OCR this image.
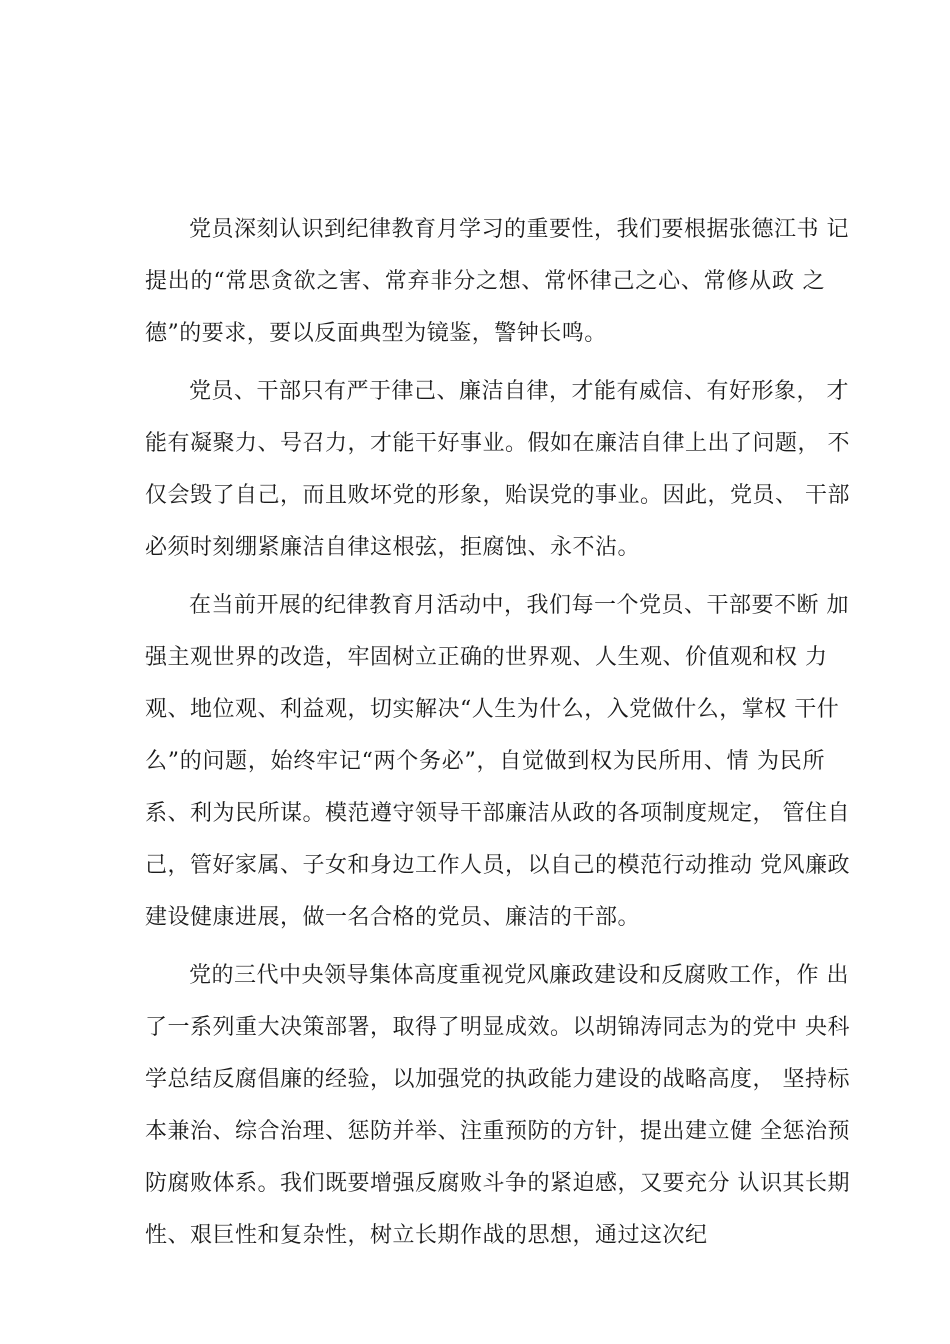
党员深刻认识到纪律教育月学习的重要性，我们要根据张德江书 记
提出的“常思贪欲之害、常弃非分之想、常怀律己之心、常修从政 之
德”的要求，要以反面典型为镜鉴，警钟长鸣。
党员、干部只有严于律己、廉洁自律，才能有威信、有好形象， 才
能有凝聚力、号召力，才能干好事业。假如在廉洁自律上出了问题， 不
仅会毁了自己，而且败坏党的形象，贻误党的事业。因此，党员、 干部
必须时刻绷紧廉洁自律这根弦，拒腐蚀、永不沾。
在当前开展的纪律教育月活动中，我们每一个党员、干部要不断 加
强主观世界的改造，牢固树立正确的世界观、人生观、价值观和权 力
观、地位观、利益观，切实解决“人生为什么，入党做什么，掌权 干什
么”的问题，始终牢记“两个务必”，自觉做到权为民所用、情 为民所
系、利为民所谋。模范遵守领导干部廉洁从政的各项制度规定， 管住自
己，管好家属、子女和身边工作人员，以自己的模范行动推动 党风廉政
建设健康进展，做一名合格的党员、廉洁的干部。
党的三代中央领导集体高度重视党风廉政建设和反腐败工作，作 出
了一系列重大决策部署，取得了明显成效。以胡锦涛同志为的党中 央科
学总结反腐倡廉的经验，以加强党的执政能力建设的战略高度， 坚持标
本兼治、综合治理、惩防并举、注重预防的方针，提出建立健 全惩治预
防腐败体系。我们既要增强反腐败斗争的紧迫感，又要充分 认识其长期
性、艰巨性和复杂性，树立长期作战的思想，通过这次纪
